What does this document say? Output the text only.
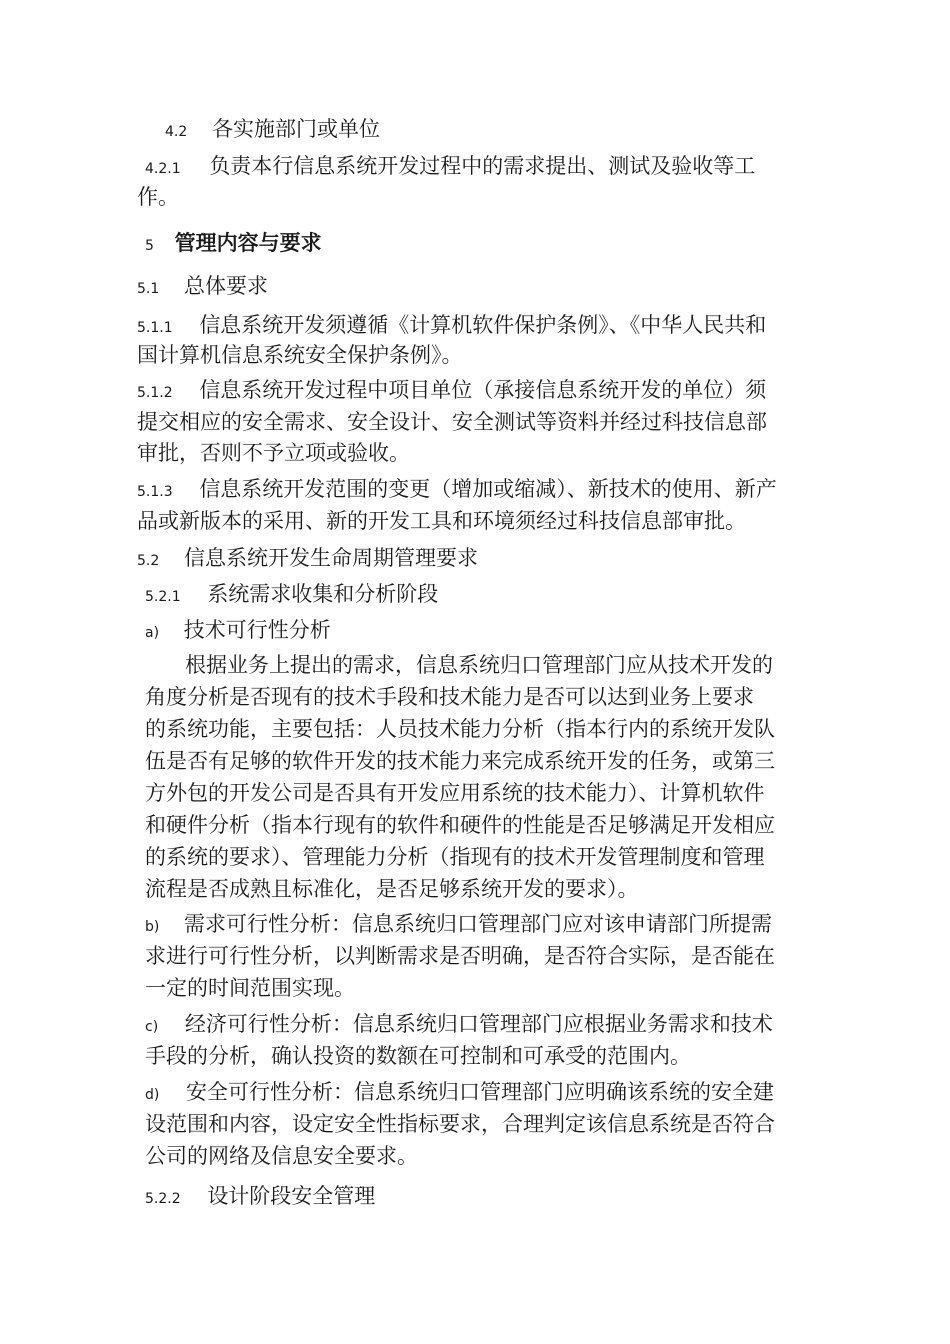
4.2 各实施部门或单位
4.2.1 负责本行信息系统开发过程中的需求提出、测试及验收等工
作。
5 管理内容与要求
5.1 总体要求
5.1.1 信息系统开发须遵循《计算机软件保护条例》、《中华人民共和
国计算机信息系统安全保护条例》。
5.1.2 信息系统开发过程中项目单位（承接信息系统开发的单位）须
提交相应的安全需求、安全设计、安全测试等资料并经过科技信息部
审批，否则不予立项或验收。
5.1.3 信息系统开发范围的变更（增加或缩减）、新技术的使用、新产
品或新版本的采用、新的开发工具和环境须经过科技信息部审批。
5.2 信息系统开发生命周期管理要求
5.2.1 系统需求收集和分析阶段
a) 技术可行性分析
根据业务上提出的需求，信息系统归口管理部门应从技术开发的
角度分析是否现有的技术手段和技术能力是否可以达到业务上要求
的系统功能，主要包括：人员技术能力分析（指本行内的系统开发队
伍是否有足够的软件开发的技术能力来完成系统开发的任务，或第三
方外包的开发公司是否具有开发应用系统的技术能力）、计算机软件
和硬件分析（指本行现有的软件和硬件的性能是否足够满足开发相应
的系统的要求）、管理能力分析（指现有的技术开发管理制度和管理
流程是否成熟且标准化，是否足够系统开发的要求）。
b) 需求可行性分析：信息系统归口管理部门应对该申请部门所提需
求进行可行性分析，以判断需求是否明确，是否符合实际，是否能在
一定的时间范围实现。
c) 经济可行性分析：信息系统归口管理部门应根据业务需求和技术
手段的分析，确认投资的数额在可控制和可承受的范围内。
d) 安全可行性分析：信息系统归口管理部门应明确该系统的安全建
设范围和内容，设定安全性指标要求，合理判定该信息系统是否符合
公司的网络及信息安全要求。
5.2.2 设计阶段安全管理
